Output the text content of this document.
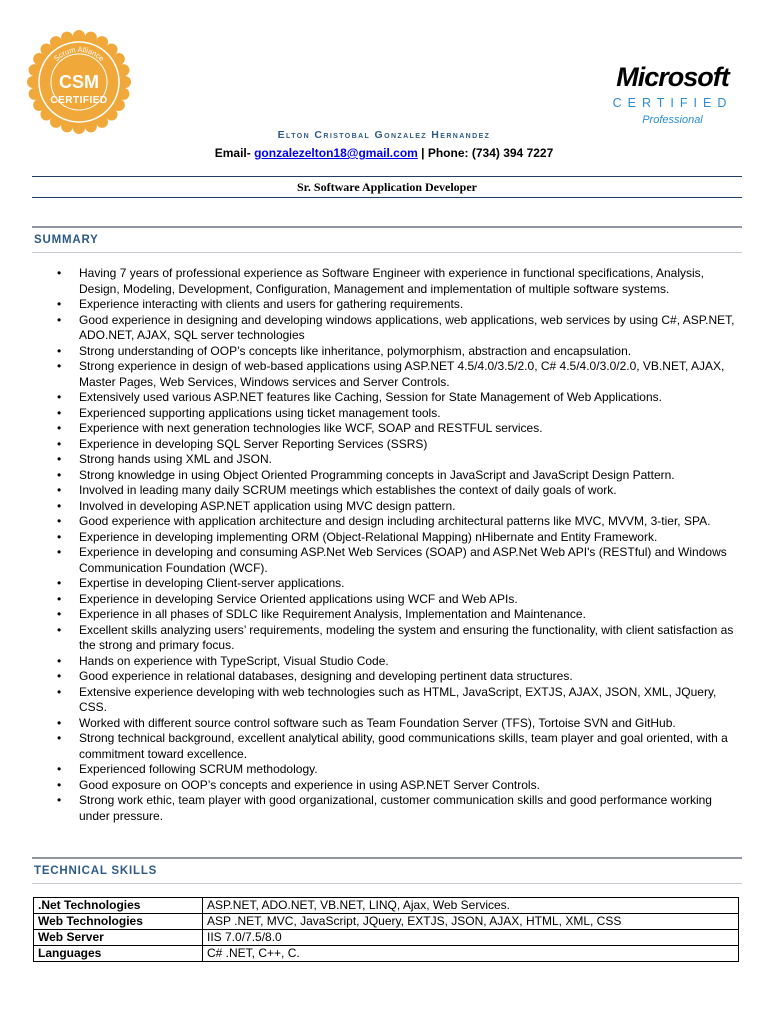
Scrum Alliance
CSM
CERTIFIED
Microsoft
CERTIFIED
Professional
Elton Cristobal Gonzalez Hernandez
Email- gonzalezelton18@gmail.com | Phone: (734) 394 7227
Sr. Software Application Developer
SUMMARY
• Having 7 years of professional experience as Software Engineer with experience in functional specifications, Analysis, Design, Modeling, Development, Configuration, Management and implementation of multiple software systems.
• Experience interacting with clients and users for gathering requirements.
• Good experience in designing and developing windows applications, web applications, web services by using C#, ASP.NET, ADO.NET, AJAX, SQL server technologies
• Strong understanding of OOP’s concepts like inheritance, polymorphism, abstraction and encapsulation.
• Strong experience in design of web-based applications using ASP.NET 4.5/4.0/3.5/2.0, C# 4.5/4.0/3.0/2.0, VB.NET, AJAX, Master Pages, Web Services, Windows services and Server Controls.
• Extensively used various ASP.NET features like Caching, Session for State Management of Web Applications.
• Experienced supporting applications using ticket management tools.
• Experience with next generation technologies like WCF, SOAP and RESTFUL services.
• Experience in developing SQL Server Reporting Services (SSRS)
• Strong hands using XML and JSON.
• Strong knowledge in using Object Oriented Programming concepts in JavaScript and JavaScript Design Pattern.
• Involved in leading many daily SCRUM meetings which establishes the context of daily goals of work.
• Involved in developing ASP.NET application using MVC design pattern.
• Good experience with application architecture and design including architectural patterns like MVC, MVVM, 3-tier, SPA.
• Experience in developing implementing ORM (Object-Relational Mapping) nHibernate and Entity Framework.
• Experience in developing and consuming ASP.Net Web Services (SOAP) and ASP.Net Web API's (RESTful) and Windows Communication Foundation (WCF).
• Expertise in developing Client-server applications.
• Experience in developing Service Oriented applications using WCF and Web APIs.
• Experience in all phases of SDLC like Requirement Analysis, Implementation and Maintenance.
• Excellent skills analyzing users’ requirements, modeling the system and ensuring the functionality, with client satisfaction as the strong and primary focus.
• Hands on experience with TypeScript, Visual Studio Code.
• Good experience in relational databases, designing and developing pertinent data structures.
• Extensive experience developing with web technologies such as HTML, JavaScript, EXTJS, AJAX, JSON, XML, JQuery, CSS.
• Worked with different source control software such as Team Foundation Server (TFS), Tortoise SVN and GitHub.
• Strong technical background, excellent analytical ability, good communications skills, team player and goal oriented, with a commitment toward excellence.
• Experienced following SCRUM methodology.
• Good exposure on OOP’s concepts and experience in using ASP.NET Server Controls.
• Strong work ethic, team player with good organizational, customer communication skills and good performance working under pressure.
TECHNICAL SKILLS
.Net Technologies	ASP.NET, ADO.NET, VB.NET, LINQ, Ajax, Web Services.
Web Technologies	ASP .NET, MVC, JavaScript, JQuery, EXTJS, JSON, AJAX, HTML, XML, CSS
Web Server	IIS 7.0/7.5/8.0
Languages	C# .NET, C++, C.
